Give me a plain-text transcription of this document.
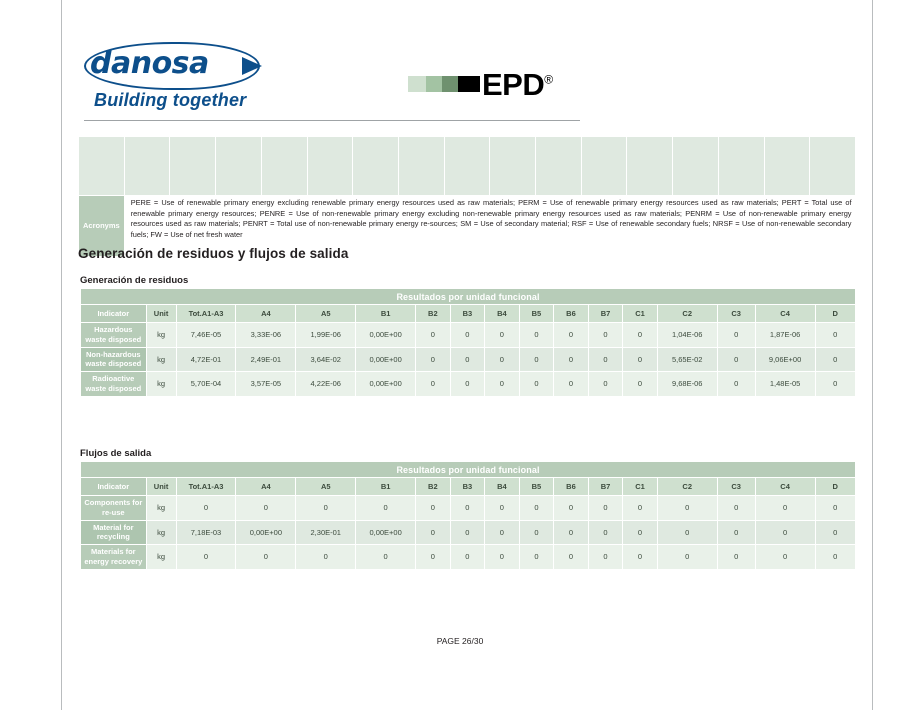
danosa
Building together	EPD®

Acronyms	PERE = Use of renewable primary energy excluding renewable primary energy resources used as raw materials; PERM = Use of renewable primary energy resources used as raw materials; PERT = Total use of renewable primary energy resources; PENRE = Use of non-renewable primary energy excluding non-renewable primary energy resources used as raw materials; PENRM = Use of non-renewable primary energy resources used as raw materials; PENRT = Total use of non-renewable primary energy re-sources; SM = Use of secondary material; RSF = Use of renewable secondary fuels; NRSF = Use of non-renewable secondary fuels; FW = Use of net fresh water															
Generación de residuos y flujos de salida
Generación de residuos
Resultados por unidad funcional																
Indicator	Unit	Tot.A1-A3	A4	A5	B1	B2	B3	B4	B5	B6	B7	C1	C2	C3	C4	D
Hazardous waste disposed	kg	7,46E-05	3,33E-06	1,99E-06	0,00E+00	0	0	0	0	0	0	0	1,04E-06	0	1,87E-06	0
Non-hazardous waste disposed	kg	4,72E-01	2,49E-01	3,64E-02	0,00E+00	0	0	0	0	0	0	0	5,65E-02	0	9,06E+00	0
Radioactive waste disposed	kg	5,70E-04	3,57E-05	4,22E-06	0,00E+00	0	0	0	0	0	0	0	9,68E-06	0	1,48E-05	0
Flujos de salida
Resultados por unidad funcional																
Indicator	Unit	Tot.A1-A3	A4	A5	B1	B2	B3	B4	B5	B6	B7	C1	C2	C3	C4	D
Components for re-use	kg	0	0	0	0	0	0	0	0	0	0	0	0	0	0	0
Material for recycling	kg	7,18E-03	0,00E+00	2,30E-01	0,00E+00	0	0	0	0	0	0	0	0	0	0	0
Materials for energy recovery	kg	0	0	0	0	0	0	0	0	0	0	0	0	0	0	0
PAGE 26/30
